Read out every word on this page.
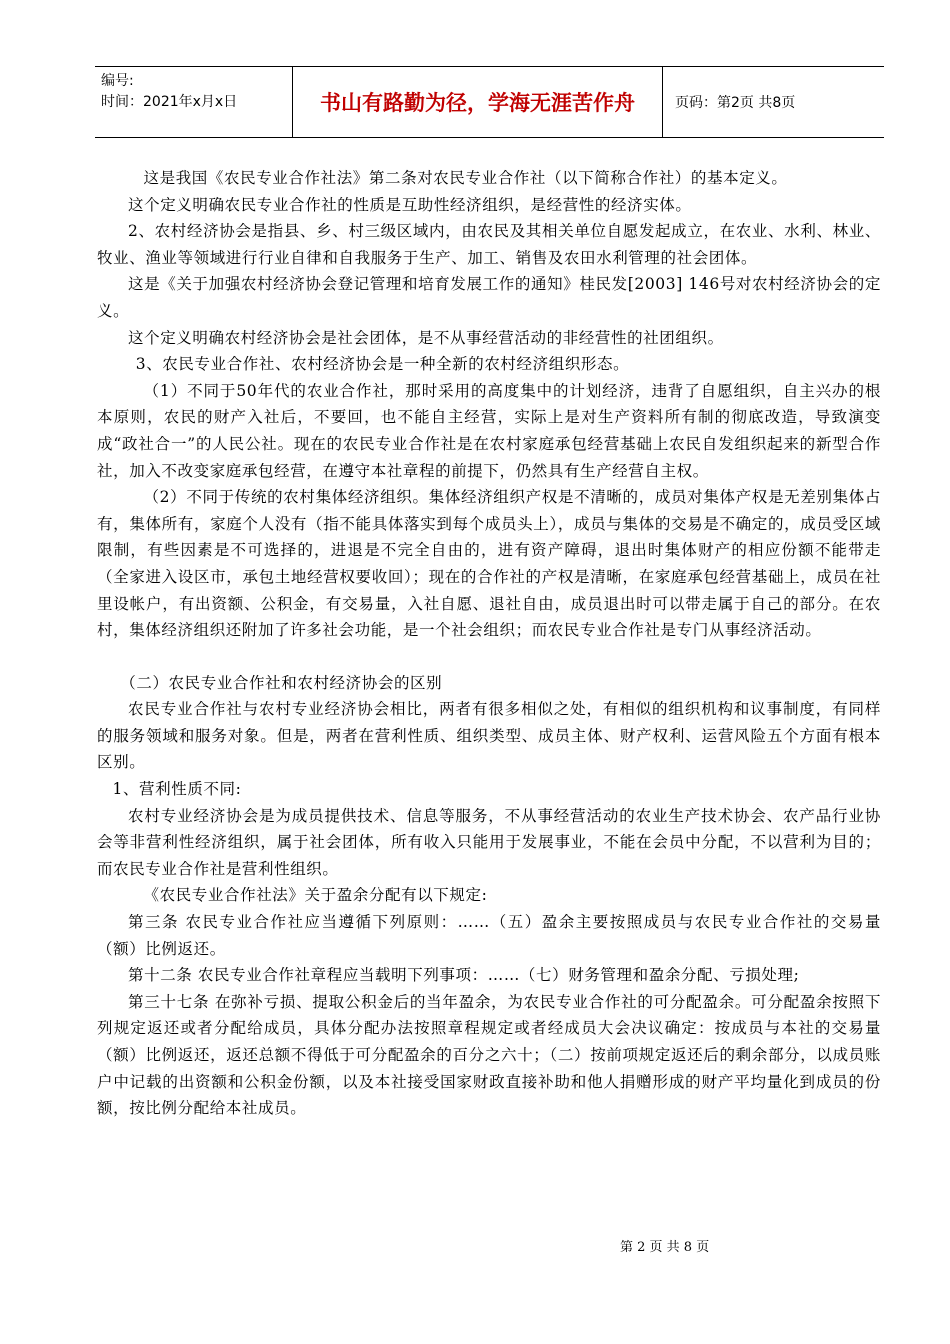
编号:
时间：2021年x月x日	书山有路勤为径，学海无涯苦作舟	页码：第2页 共8页

这是我国《农民专业合作社法》第二条对农民专业合作社（以下简称合作社）的基本定义。

这个定义明确农民专业合作社的性质是互助性经济组织，是经营性的经济实体。

2、农村经济协会是指县、乡、村三级区域内，由农民及其相关单位自愿发起成立，在农业、水利、林业、牧业、渔业等领域进行行业自律和自我服务于生产、加工、销售及农田水利管理的社会团体。

这是《关于加强农村经济协会登记管理和培育发展工作的通知》桂民发[2003] 146号对农村经济协会的定义。

这个定义明确农村经济协会是社会团体，是不从事经营活动的非经营性的社团组织。

3、农民专业合作社、农村经济协会是一种全新的农村经济组织形态。

（1）不同于50年代的农业合作社，那时采用的高度集中的计划经济，违背了自愿组织，自主兴办的根本原则，农民的财产入社后，不要回，也不能自主经营，实际上是对生产资料所有制的彻底改造，导致演变成“政社合一”的人民公社。现在的农民专业合作社是在农村家庭承包经营基础上农民自发组织起来的新型合作社，加入不改变家庭承包经营，在遵守本社章程的前提下，仍然具有生产经营自主权。

（2）不同于传统的农村集体经济组织。集体经济组织产权是不清晰的，成员对集体产权是无差别集体占有，集体所有，家庭个人没有（指不能具体落实到每个成员头上），成员与集体的交易是不确定的，成员受区域限制，有些因素是不可选择的，进退是不完全自由的，进有资产障碍，退出时集体财产的相应份额不能带走（全家进入设区市，承包土地经营权要收回）；现在的合作社的产权是清晰，在家庭承包经营基础上，成员在社里设帐户，有出资额、公积金，有交易量，入社自愿、退社自由，成员退出时可以带走属于自己的部分。在农村，集体经济组织还附加了许多社会功能，是一个社会组织；而农民专业合作社是专门从事经济活动。

（二）农民专业合作社和农村经济协会的区别

农民专业合作社与农村专业经济协会相比，两者有很多相似之处，有相似的组织机构和议事制度，有同样的服务领域和服务对象。但是，两者在营利性质、组织类型、成员主体、财产权利、运营风险五个方面有根本区别。

1、营利性质不同:

农村专业经济协会是为成员提供技术、信息等服务，不从事经营活动的农业生产技术协会、农产品行业协会等非营利性经济组织，属于社会团体，所有收入只能用于发展事业，不能在会员中分配，不以营利为目的；而农民专业合作社是营利性组织。

《农民专业合作社法》关于盈余分配有以下规定:

第三条 农民专业合作社应当遵循下列原则：……（五）盈余主要按照成员与农民专业合作社的交易量（额）比例返还。

第十二条 农民专业合作社章程应当载明下列事项：……（七）财务管理和盈余分配、亏损处理;

第三十七条 在弥补亏损、提取公积金后的当年盈余，为农民专业合作社的可分配盈余。可分配盈余按照下列规定返还或者分配给成员，具体分配办法按照章程规定或者经成员大会决议确定：按成员与本社的交易量（额）比例返还，返还总额不得低于可分配盈余的百分之六十；（二）按前项规定返还后的剩余部分，以成员账户中记载的出资额和公积金份额，以及本社接受国家财政直接补助和他人捐赠形成的财产平均量化到成员的份额，按比例分配给本社成员。

第 2 页 共 8 页
